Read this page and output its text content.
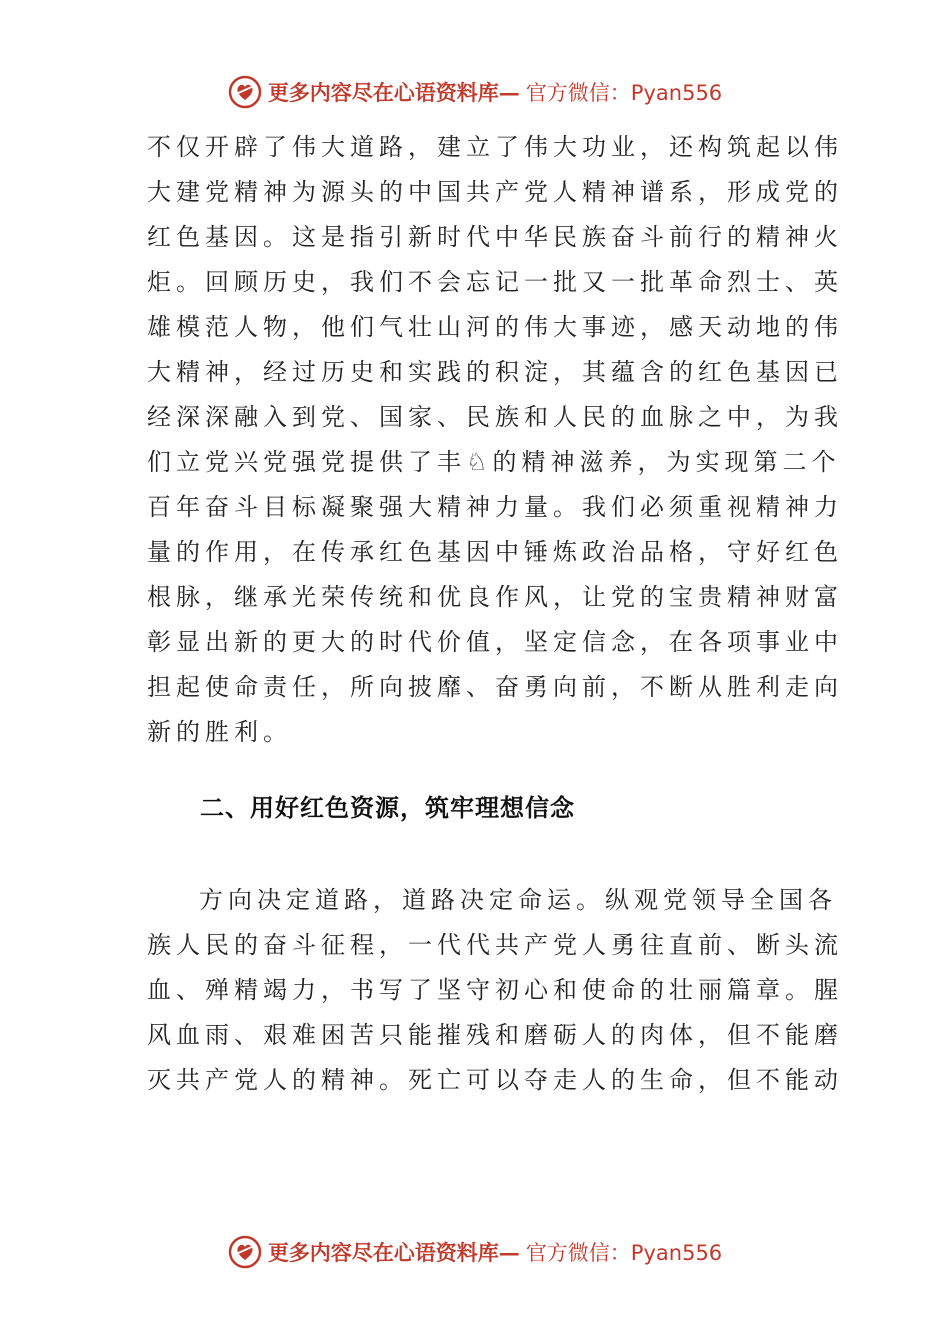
更多内容尽在心语资料库— 官方微信：Pyan556
不仅开辟了伟大道路，建立了伟大功业，还构筑起以伟
大建党精神为源头的中国共产党人精神谱系，形成党的
红色基因。这是指引新时代中华民族奋斗前行的精神火
炬。回顾历史，我们不会忘记一批又一批革命烈士、英
雄模范人物，他们气壮山河的伟大事迹，感天动地的伟
大精神，经过历史和实践的积淀，其蕴含的红色基因已
经深深融入到党、国家、民族和人民的血脉之中，为我
们立党兴党强党提供了丰♘的精神滋养，为实现第二个
百年奋斗目标凝聚强大精神力量。我们必须重视精神力
量的作用，在传承红色基因中锤炼政治品格，守好红色
根脉，继承光荣传统和优良作风，让党的宝贵精神财富
彰显出新的更大的时代价值，坚定信念，在各项事业中
担起使命责任，所向披靡、奋勇向前，不断从胜利走向
新的胜利。
二、用好红色资源，筑牢理想信念
方向决定道路，道路决定命运。纵观党领导全国各
族人民的奋斗征程，一代代共产党人勇往直前、断头流
血、殚精竭力，书写了坚守初心和使命的壮丽篇章。腥
风血雨、艰难困苦只能摧残和磨砺人的肉体，但不能磨
灭共产党人的精神。死亡可以夺走人的生命，但不能动
更多内容尽在心语资料库— 官方微信：Pyan556
